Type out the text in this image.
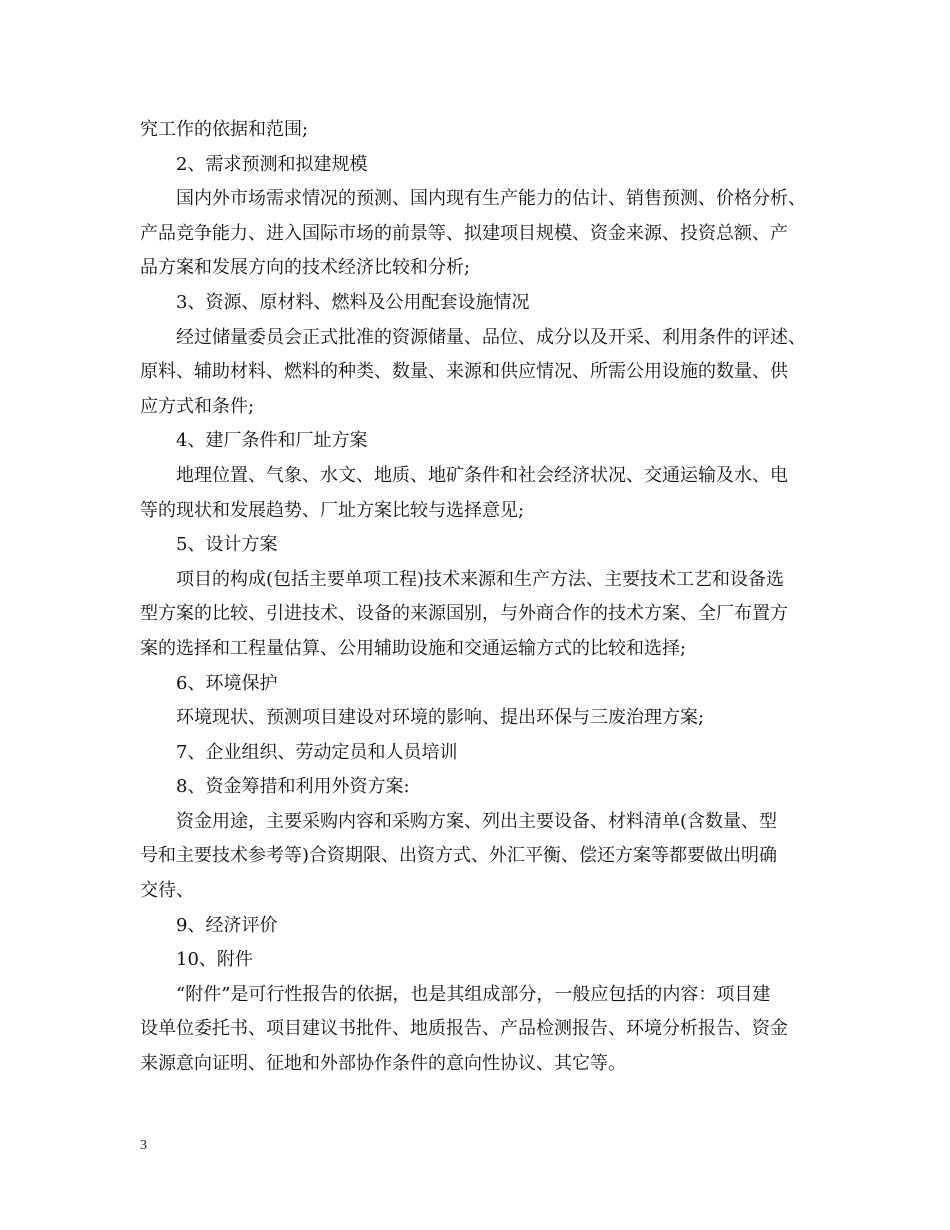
究工作的依据和范围;

2、需求预测和拟建规模

国内外市场需求情况的预测、国内现有生产能力的估计、销售预测、价格分析、

产品竞争能力、进入国际市场的前景等、拟建项目规模、资金来源、投资总额、产

品方案和发展方向的技术经济比较和分析;

3、资源、原材料、燃料及公用配套设施情况

经过储量委员会正式批准的资源储量、品位、成分以及开采、利用条件的评述、

原料、辅助材料、燃料的种类、数量、来源和供应情况、所需公用设施的数量、供

应方式和条件;

4、建厂条件和厂址方案

地理位置、气象、水文、地质、地矿条件和社会经济状况、交通运输及水、电

等的现状和发展趋势、厂址方案比较与选择意见;

5、设计方案

项目的构成(包括主要单项工程)技术来源和生产方法、主要技术工艺和设备选

型方案的比较、引进技术、设备的来源国别，与外商合作的技术方案、全厂布置方

案的选择和工程量估算、公用辅助设施和交通运输方式的比较和选择;

6、环境保护

环境现状、预测项目建设对环境的影响、提出环保与三废治理方案;

7、企业组织、劳动定员和人员培训

8、资金筹措和利用外资方案:

资金用途，主要采购内容和采购方案、列出主要设备、材料清单(含数量、型

号和主要技术参考等)合资期限、出资方式、外汇平衡、偿还方案等都要做出明确

交待、

9、经济评价

10、附件

“附件”是可行性报告的依据，也是其组成部分，一般应包括的内容：项目建

设单位委托书、项目建议书批件、地质报告、产品检测报告、环境分析报告、资金

来源意向证明、征地和外部协作条件的意向性协议、其它等。

3
